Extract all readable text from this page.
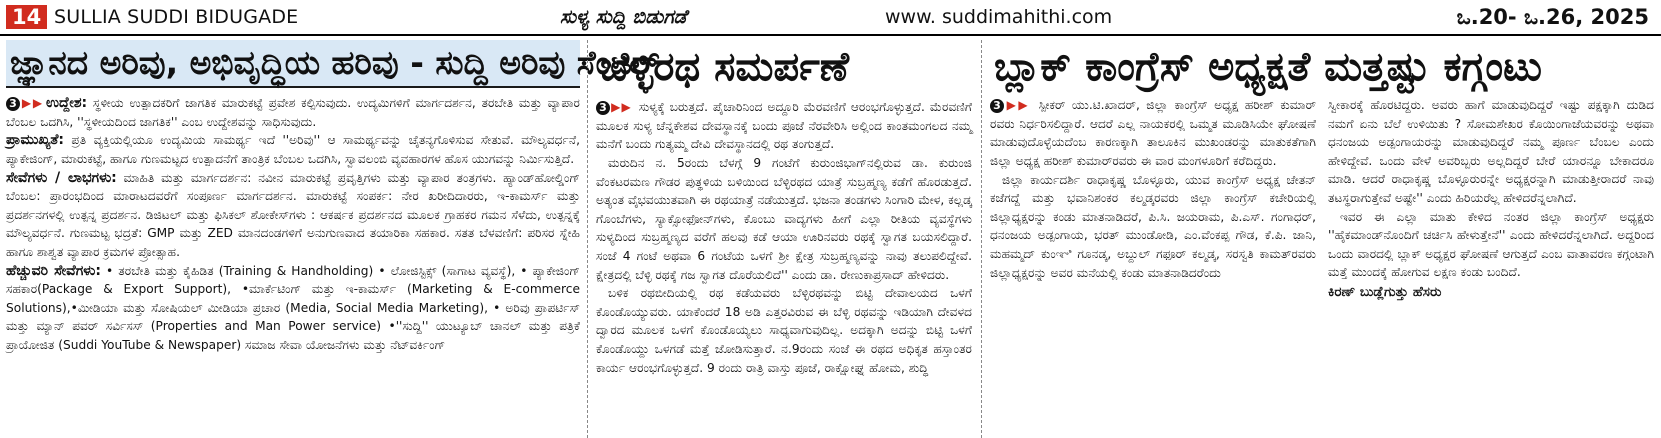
14 SULLIA SUDDI BIDUGADE	ಸುಳ್ಯ ಸುದ್ದಿ ಬಿಡುಗಡೆ	www. suddimahithi.com	ಒ.20- ಒ.26, 2025
ಜ್ಞಾನದ ಅರಿವು, ಅಭಿವೃದ್ಧಿಯ ಹರಿವು - ಸುದ್ದಿ ಅರಿವು ಸೆಂಟರ್

3 ▶▶ ಉದ್ದೇಶ: ಸ್ಥಳೀಯ ಉತ್ಪಾದಕರಿಗೆ ಜಾಗತಿಕ ಮಾರುಕಟ್ಟೆ ಪ್ರವೇಶ ಕಲ್ಪಿಸುವುದು. ಉದ್ಯಮಿಗಳಿಗೆ ಮಾರ್ಗದರ್ಶನ, ತರಬೇತಿ ಮತ್ತು ವ್ಯಾಪಾರ ಬೆಂಬಲ ಒದಗಿಸಿ, ''ಸ್ಥಳೀಯದಿಂದ ಜಾಗತಿಕ'' ಎಂಬ ಉದ್ದೇಶವನ್ನು ಸಾಧಿಸುವುದು.

ಪ್ರಾಮುಖ್ಯತೆ: ಪ್ರತಿ ವ್ಯಕ್ತಿಯಲ್ಲಿಯೂ ಉದ್ಯಮಿಯ ಸಾಮರ್ಥ್ಯ ಇದೆ ''ಅರಿವು'' ಆ ಸಾಮರ್ಥ್ಯವನ್ನು ಚೈತನ್ಯಗೊಳಿಸುವ ಸೇತುವೆ. ಮೌಲ್ಯವರ್ಧನೆ, ಪ್ಯಾಕೇಜಿಂಗ್, ಮಾರುಕಟ್ಟೆ, ಹಾಗೂ ಗುಣಮಟ್ಟದ ಉತ್ಪಾದನೆಗೆ ತಾಂತ್ರಿಕ ಬೆಂಬಲ ಒದಗಿಸಿ, ಸ್ವಾವಲಂಬಿ ವ್ಯವಹಾರಗಳ ಹೊಸ ಯುಗವನ್ನು ನಿರ್ಮಿಸುತ್ತಿದೆ.

ಸೇವೆಗಳು / ಲಾಭಗಳು: ಮಾಹಿತಿ ಮತ್ತು ಮಾರ್ಗದರ್ಶನ: ನವೀನ ಮಾರುಕಟ್ಟೆ ಪ್ರವೃತ್ತಿಗಳು ಮತ್ತು ವ್ಯಾಪಾರ ತಂತ್ರಗಳು. ಹ್ಯಾಂಡ್‌ಹೋಲ್ಡಿಂಗ್ ಬೆಂಬಲ: ಪ್ರಾರಂಭದಿಂದ ಮಾರಾಟದವರೆಗೆ ಸಂಪೂರ್ಣ ಮಾರ್ಗದರ್ಶನ. ಮಾರುಕಟ್ಟೆ ಸಂಪರ್ಕ: ನೇರ ಖರೀದಿದಾರರು, ಇ-ಕಾಮರ್ಸ್ ಮತ್ತು ಪ್ರದರ್ಶನಗಳಲ್ಲಿ ಉತ್ಪನ್ನ ಪ್ರದರ್ಶನ. ಡಿಜಿಟಲ್ ಮತ್ತು ಫಿಸಿಕಲ್ ಶೋಕೇಸ್‌ಗಳು : ಆಕರ್ಷಕ ಪ್ರದರ್ಶನದ ಮೂಲಕ ಗ್ರಾಹಕರ ಗಮನ ಸೆಳೆದು, ಉತ್ಪನ್ನಕ್ಕೆ ಮೌಲ್ಯವರ್ಧನೆ. ಗುಣಮಟ್ಟ ಭದ್ರತೆ: GMP ಮತ್ತು ZED ಮಾನದಂಡಗಳಿಗೆ ಅನುಗುಣವಾದ ತಯಾರಿಕಾ ಸಹಕಾರ. ಸತತ ಬೆಳವಣಿಗೆ: ಪರಿಸರ ಸ್ನೇಹಿ ಹಾಗೂ ಶಾಶ್ವತ ವ್ಯಾಪಾರ ಕ್ರಮಗಳ ಪ್ರೋತ್ಸಾಹ.

ಹೆಚ್ಚುವರಿ ಸೇವೆಗಳು: • ತರಬೇತಿ ಮತ್ತು ಕೈಹಿಡಿತ (Training & Handholding) • ಲೋಜಿಸ್ಟಿಕ್ಸ್ (ಸಾಗಾಟ ವ್ಯವಸ್ಥೆ), • ಪ್ಯಾಕೇಜಿಂಗ್ ಸಹಕಾರ(Package & Export Support), •ಮಾರ್ಕೆಟಿಂಗ್ ಮತ್ತು ಇ-ಕಾಮರ್ಸ್ (Marketing & E-commerce Solutions),•ಮೀಡಿಯಾ ಮತ್ತು ಸೋಷಿಯಲ್ ಮೀಡಿಯಾ ಪ್ರಚಾರ (Media, Social Media Marketing), • ಅರಿವು ಪ್ರಾಪರ್ಟಿಸ್ ಮತ್ತು ಮ್ಯಾನ್ ಪವರ್ ಸರ್ವಿಸಸ್ (Properties and Man Power service) •''ಸುದ್ದಿ'' ಯುಟ್ಯೂಬ್ ಚಾನಲ್ ಮತ್ತು ಪತ್ರಿಕೆ ಪ್ರಾಯೋಜಿತ (Suddi YouTube & Newspaper) ಸಮಾಜ ಸೇವಾ ಯೋಜನೆಗಳು ಮತ್ತು ನೆಟ್‌ವರ್ಕಿಂಗ್

ಬೆಳ್ಳಿರಥ ಸಮರ್ಪಣೆ

3 ▶▶ ಸುಳ್ಯಕ್ಕೆ ಬರುತ್ತದೆ. ಪೈಚಾರಿನಿಂದ ಅದ್ದೂರಿ ಮೆರವಣಿಗೆ ಆರಂಭಗೊಳ್ಳುತ್ತದೆ. ಮೆರವಣಿಗೆ ಮೂಲಕ ಸುಳ್ಯ ಚೆನ್ನಕೇಶವ ದೇವಸ್ಥಾನಕ್ಕೆ ಬಂದು ಪೂಜೆ ನೆರವೇರಿಸಿ ಅಲ್ಲಿಂದ ಕಾಂತಮಂಗಲದ ನಮ್ಮ ಮನೆಗೆ ಬಂದು ಗುತ್ಯಮ್ಮ ದೇವಿ ದೇವಸ್ಥಾನದಲ್ಲಿ ರಥ ತಂಗುತ್ತದೆ.

ಮರುದಿನ ನ. 5ರಂದು ಬೆಳಗ್ಗೆ 9 ಗಂಟೆಗೆ ಕುರುಂಜಿಭಾಗ್‌ನಲ್ಲಿರುವ ಡಾ. ಕುರುಂಜಿ ವೆಂಕಟರಮಣ ಗೌಡರ ಪುತ್ಥಳಿಯ ಬಳಿಯಿಂದ ಬೆಳ್ಳಿರಥದ ಯಾತ್ರೆ ಸುಬ್ರಹ್ಮಣ್ಯ ಕಡೆಗೆ ಹೊರಡುತ್ತದೆ. ಅತ್ಯಂತ ವೈಭವಯುತವಾಗಿ ಈ ರಥಯಾತ್ರೆ ನಡೆಯುತ್ತದೆ. ಭಜನಾ ತಂಡಗಳು ಸಿಂಗಾರಿ ಮೇಳ, ಕಲ್ಲಡ್ಕ ಗೊಂಬೆಗಳು, ಸ್ಯಾಕ್ಸೋಫೋನ್‌ಗಳು, ಕೊಂಬು ವಾದ್ಯಗಳು ಹೀಗೆ ಎಲ್ಲಾ ರೀತಿಯ ವ್ಯವಸ್ಥೆಗಳು ಸುಳ್ಯದಿಂದ ಸುಬ್ರಹ್ಮಣ್ಯದ ವರೆಗೆ ಹಲವು ಕಡೆ ಆಯಾ ಊರಿನವರು ರಥಕ್ಕೆ ಸ್ವಾಗತ ಬಯಸಲಿದ್ದಾರೆ. ಸಂಜೆ 4 ಗಂಟೆ ಅಥವಾ 6 ಗಂಟೆಯ ಒಳಗೆ ಶ್ರೀ ಕ್ಷೇತ್ರ ಸುಬ್ರಹ್ಮಣ್ಯವನ್ನು ನಾವು ತಲುಪಲಿದ್ದೇವೆ. ಕ್ಷೇತ್ರದಲ್ಲಿ ಬೆಳ್ಳಿ ರಥಕ್ಕೆ ಗಜ ಸ್ವಾಗತ ದೊರೆಯಲಿದೆ'' ಎಂದು ಡಾ. ರೇಣುಕಾಪ್ರಸಾದ್ ಹೇಳಿದರು.

ಬಳಿಕ ರಥಬೀದಿಯಲ್ಲಿ ರಥ ಕಡೆಯವರು ಬೆಳ್ಳಿರಥವನ್ನು ಬಿಟ್ಟಿ ದೇವಾಲಯದ ಒಳಗೆ ಕೊಂಡೊಯ್ಯುವರು. ಯಾಕೆಂದರೆ 18 ಅಡಿ ಎತ್ತರವಿರುವ ಈ ಬೆಳ್ಳಿ ರಥವನ್ನು ಇಡಿಯಾಗಿ ದೇವಳದ ದ್ವಾರದ ಮೂಲಕ ಒಳಗೆ ಕೊಂಡೊಯ್ಯಲು ಸಾಧ್ಯವಾಗುವುದಿಲ್ಲ. ಅದಕ್ಕಾಗಿ ಅದನ್ನು ಬಿಟ್ಟಿ ಒಳಗೆ ಕೊಂಡೊಯ್ದು ಒಳಗಡೆ ಮತ್ತೆ ಜೋಡಿಸುತ್ತಾರೆ. ನ.9ರಂದು ಸಂಜೆ ಈ ರಥದ ಅಧಿಕೃತ ಹಸ್ತಾಂತರ ಕಾರ್ಯ ಆರಂಭಗೊಳ್ಳುತ್ತದೆ. 9 ರಂದು ರಾತ್ರಿ ವಾಸ್ತು ಪೂಜೆ, ರಾಕ್ಷೋಘ್ನ ಹೋಮ, ಶುದ್ಧಿ

ಬ್ಲಾಕ್ ಕಾಂಗ್ರೆಸ್ ಅಧ್ಯಕ್ಷತೆ ಮತ್ತಷ್ಟು ಕಗ್ಗಂಟು

3 ▶▶ ಸ್ಪೀಕರ್ ಯು.ಟಿ.ಖಾದರ್, ಜಿಲ್ಲಾ ಕಾಂಗ್ರೆಸ್ ಅಧ್ಯಕ್ಷ ಹರೀಶ್ ಕುಮಾರ್ ರವರು ನಿರ್ಧರಿಸಲಿದ್ದಾರೆ. ಆದರೆ ಎಲ್ಲ ನಾಯಕರಲ್ಲಿ ಒಮ್ಮತ ಮೂಡಿಸಿಯೇ ಘೋಷಣೆ ಮಾಡುವುದೊಳ್ಳೆಯದೆಂಬ ಕಾರಣಕ್ಕಾಗಿ ತಾಲೂಕಿನ ಮುಖಂಡರನ್ನು ಮಾತುಕತೆಗಾಗಿ ಜಿಲ್ಲಾ ಅಧ್ಯಕ್ಷ ಹರೀಶ್ ಕುಮಾರ್‌ರವರು ಈ ವಾರ ಮಂಗಳೂರಿಗೆ ಕರೆದಿದ್ದರು.

ಜಿಲ್ಲಾ ಕಾರ್ಯದರ್ಶಿ ರಾಧಾಕೃಷ್ಣ ಬೊಳ್ಳೂರು, ಯುವ ಕಾಂಗ್ರೆಸ್ ಅಧ್ಯಕ್ಷ ಚೇತನ್ ಕಜೆಗದ್ದೆ ಮತ್ತು ಭವಾನಿಶಂಕರ ಕಲ್ಮಡ್ಕರವರು ಜಿಲ್ಲಾ ಕಾಂಗ್ರೆಸ್ ಕಚೇರಿಯಲ್ಲಿ ಜಿಲ್ಲಾಧ್ಯಕ್ಷರನ್ನು ಕಂಡು ಮಾತನಾಡಿದರೆ, ಪಿ.ಸಿ. ಜಯರಾಮ, ಪಿ.ಎಸ್. ಗಂಗಾಧರ್, ಧನಂಜಯ ಅಡ್ಪಂಗಾಯ, ಭರತ್ ಮುಂಡೋಡಿ, ಎಂ.ವೆಂಕಪ್ಪ ಗೌಡ, ಕೆ.ಪಿ. ಜಾನಿ, ಮಹಮ್ಮದ್ ಕುಂಞಿ ಗೂನಡ್ಕ, ಅಬ್ದುಲ್ ಗಫೂರ್ ಕಲ್ಮಡ್ಕ, ಸರಸ್ವತಿ ಕಾಮತ್‌ರವರು ಜಿಲ್ಲಾಧ್ಯಕ್ಷರನ್ನು ಅವರ ಮನೆಯಲ್ಲಿ ಕಂಡು ಮಾತನಾಡಿದರೆಂದು

ಸ್ವೀಕಾರಕ್ಕೆ ಹೊರಟಿದ್ದರು. ಅವರು ಹಾಗೆ ಮಾಡುವುದಿದ್ದರೆ ಇಷ್ಟು ಪಕ್ಷಕ್ಕಾಗಿ ದುಡಿದ ನಮಗೆ ಏನು ಬೆಲೆ ಉಳಿಯಿತು ? ಸೋಮಶೇಖರ ಕೊಯಿಂಗಾಜೆಯವರನ್ನು ಅಥವಾ ಧನಂಜಯ ಅಡ್ಪಂಗಾಯರನ್ನು ಮಾಡುವುದಿದ್ದರೆ ನಮ್ಮ ಪೂರ್ಣ ಬೆಂಬಲ ಎಂದು ಹೇಳಿದ್ದೇವೆ. ಒಂದು ವೇಳೆ ಅವರಿಬ್ಬರು ಅಲ್ಲದಿದ್ದರೆ ಬೇರೆ ಯಾರನ್ನೂ ಬೇಕಾದರೂ ಮಾಡಿ. ಆದರೆ ರಾಧಾಕೃಷ್ಣ ಬೊಳ್ಳೂರುರನ್ನೇ ಅಧ್ಯಕ್ಷರನ್ನಾಗಿ ಮಾಡುತ್ತೀರಾದರೆ ನಾವು ತಟಸ್ಥರಾಗುತ್ತೇವೆ ಅಷ್ಟೇ'' ಎಂದು ಹಿರಿಯರೆಲ್ಲ ಹೇಳಿದರೆನ್ನಲಾಗಿದೆ.

ಇವರ ಈ ಎಲ್ಲಾ ಮಾತು ಕೇಳಿದ ನಂತರ ಜಿಲ್ಲಾ ಕಾಂಗ್ರೆಸ್ ಅಧ್ಯಕ್ಷರು ''ಹೈಕಮಾಂಡ್‌ನೊಂದಿಗೆ ಚರ್ಚಿಸಿ ಹೇಳುತ್ತೇನೆ'' ಎಂದು ಹೇಳಿದರೆನ್ನಲಾಗಿದೆ. ಅದ್ದರಿಂದ ಒಂದು ವಾರದಲ್ಲಿ ಬ್ಲಾಕ್ ಅಧ್ಯಕ್ಷರ ಘೋಷಣೆ ಆಗುತ್ತದೆ ಎಂಬ ವಾತಾವರಣ ಕಗ್ಗಂಟಾಗಿ ಮತ್ತೆ ಮುಂದಕ್ಕೆ ಹೋಗುವ ಲಕ್ಷಣ ಕಂಡು ಬಂದಿದೆ.

ಕಿರಣ್ ಬುಡ್ಲೆಗುತ್ತು ಹೆಸರು
